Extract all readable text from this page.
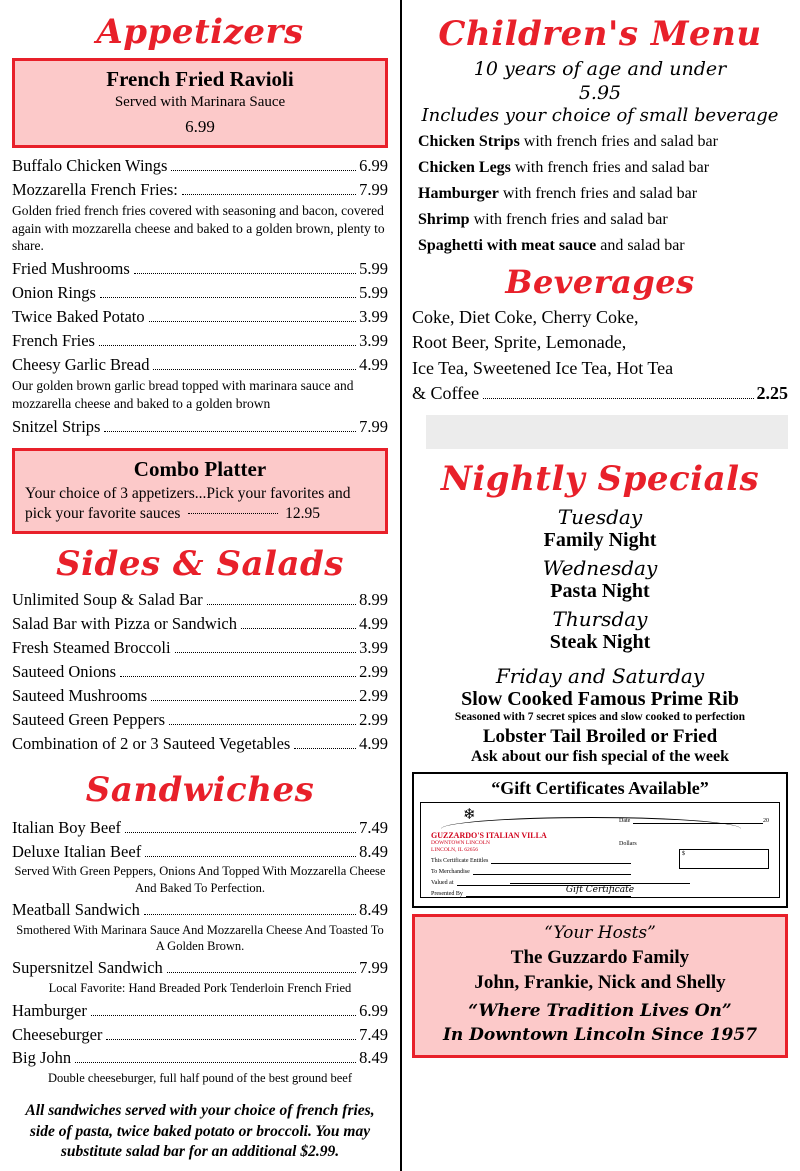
Appetizers
French Fried Ravioli
Served with Marinara Sauce
6.99
Buffalo Chicken Wings	6.99
Mozzarella French Fries:	7.99

Golden fried french fries covered with seasoning and bacon, covered again with mozzarella cheese and baked to a golden brown, plenty to share.

Fried Mushrooms	5.99
Onion Rings	5.99
Twice Baked Potato	3.99
French Fries	3.99
Cheesy Garlic Bread	4.99

Our golden brown garlic bread topped with marinara sauce and mozzarella cheese and baked to a golden brown

Snitzel Strips	7.99
Combo Platter
Your choice of 3 appetizers...Pick your favorites and pick your favorite sauces	12.95
Sides & Salads
Unlimited Soup & Salad Bar	8.99
Salad Bar with Pizza or Sandwich	4.99
Fresh Steamed Broccoli	3.99
Sauteed Onions	2.99
Sauteed Mushrooms	2.99
Sauteed Green Peppers	2.99
Combination of 2 or 3 Sauteed Vegetables	4.99
Sandwiches
Italian Boy Beef	7.49
Deluxe Italian Beef	8.49

Served With Green Peppers, Onions And Topped With Mozzarella Cheese And Baked To Perfection.

Meatball Sandwich	8.49

Smothered With Marinara Sauce And Mozzarella Cheese And Toasted To A Golden Brown.

Supersnitzel Sandwich	7.99

Local Favorite: Hand Breaded Pork Tenderloin French Fried

Hamburger	6.99
Cheeseburger	7.49
Big John	8.49

Double cheeseburger, full half pound of the best ground beef

All sandwiches served with your choice of french fries, side of pasta, twice baked potato or broccoli. You may substitute salad bar for an additional $2.99.
Children's Menu
10 years of age and under
5.95
Includes your choice of small beverage

Chicken Strips with french fries and salad bar

Chicken Legs with french fries and salad bar

Hamburger with french fries and salad bar

Shrimp with french fries and salad bar

Spaghetti with meat sauce and salad bar

Beverages
Coke, Diet Coke, Cherry Coke,
Root Beer, Sprite, Lemonade,
Ice Tea, Sweetened Ice Tea, Hot Tea
& Coffee	2.25
Nightly Specials
Tuesday
Family Night
Wednesday
Pasta Night
Thursday
Steak Night
Friday and Saturday
Slow Cooked Famous Prime Rib
Seasoned with 7 secret spices and slow cooked to perfection
Lobster Tail Broiled or Fried
Ask about our fish special of the week
“Gift Certificates Available”
❄
GUZZARDO'S ITALIAN VILLA
DOWNTOWN LINCOLN
LINCOLN, IL 62656
Date	20
This Certificate Entitles
To Merchandise
Valued at
Presented By
$
Dollars
Gift Certificate
“Your Hosts”
The Guzzardo Family
John, Frankie, Nick and Shelly
“Where Tradition Lives On”
In Downtown Lincoln Since 1957
